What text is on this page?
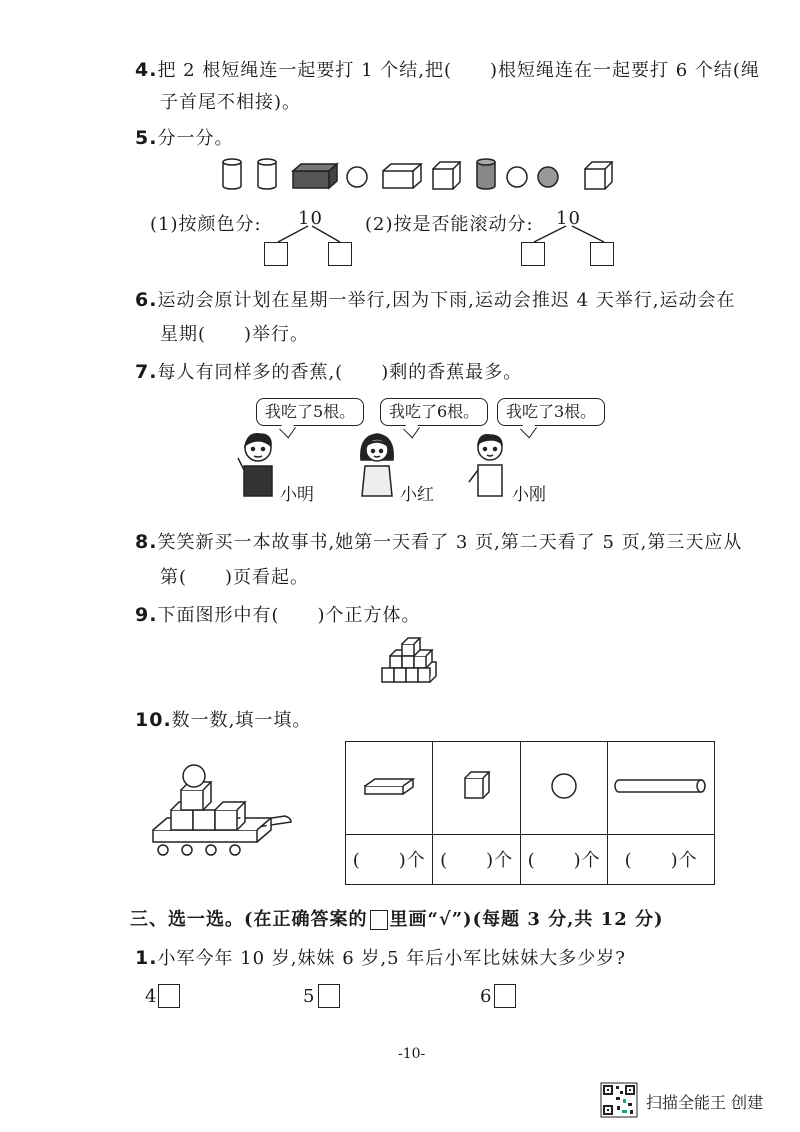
4.把 2 根短绳连一起要打 1 个结,把(　　)根短绳连在一起要打 6 个结(绳
子首尾不相接)。
5.分一分。
(1)按颜色分: 10 (2)按是否能滚动分: 10
6.运动会原计划在星期一举行,因为下雨,运动会推迟 4 天举行,运动会在
星期(　　)举行。
7.每人有同样多的香蕉,(　　)剩的香蕉最多。
我吃了5根。	我吃了6根。	我吃了3根。
小明	小红	小刚
8.笑笑新买一本故事书,她第一天看了 3 页,第二天看了 5 页,第三天应从
第(　　)页看起。
9.下面图形中有(　　)个正方体。
10.数一数,填一填。

(　　)个	(　　)个	(　　)个	(　　)个
三、选一选。(在正确答案的 里画“√”)(每题 3 分,共 12 分)
1.小军今年 10 岁,妹妹 6 岁,5 年后小军比妹妹大多少岁?
4	5	6
-10-
扫描全能王 创建
